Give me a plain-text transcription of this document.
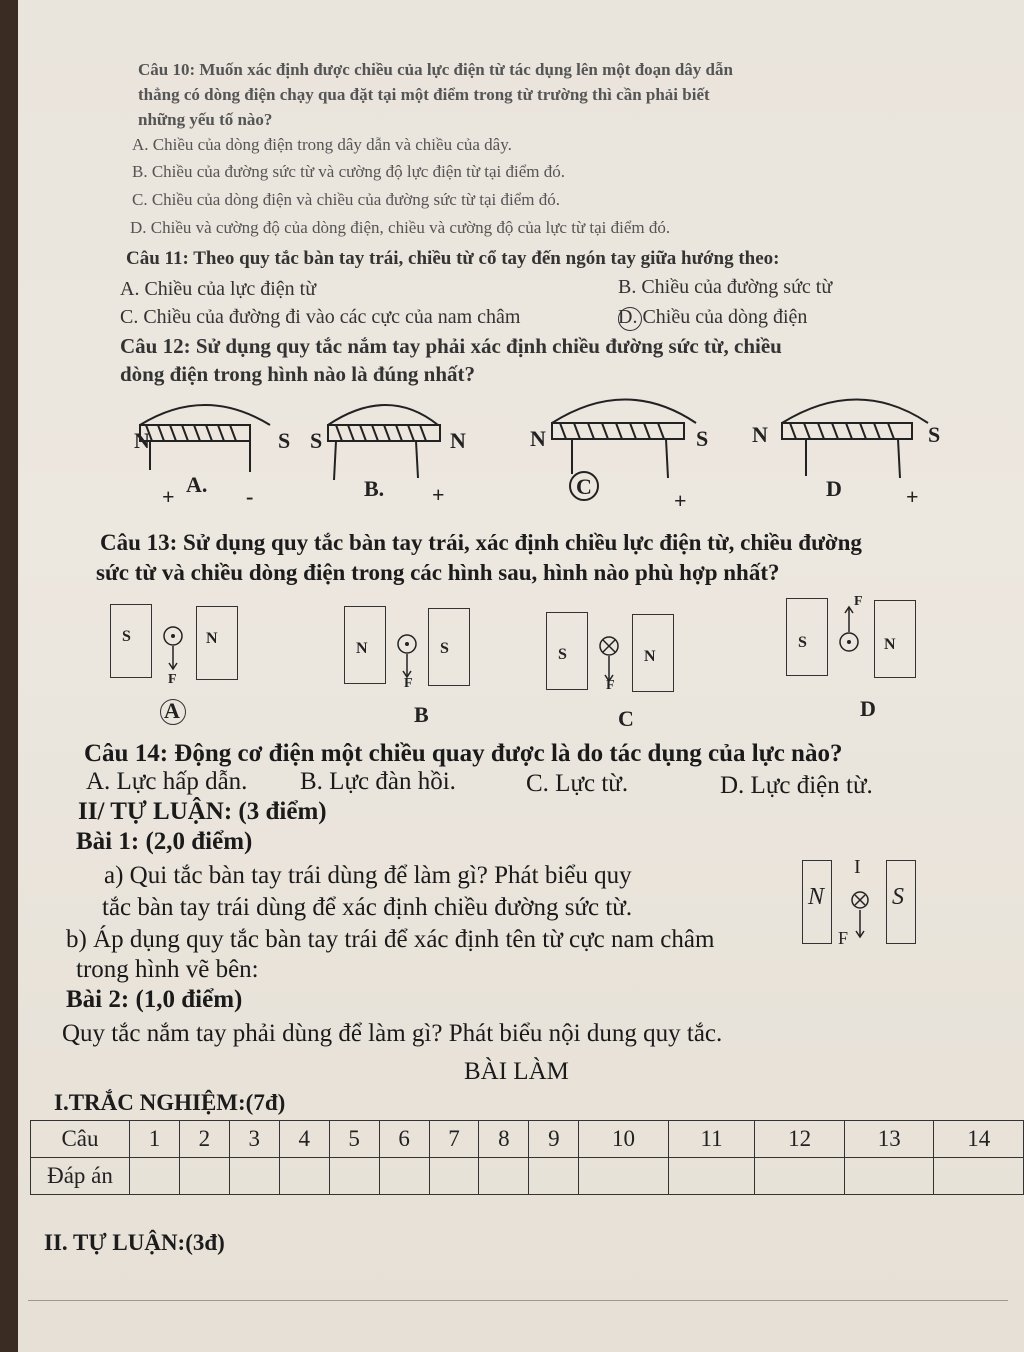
Câu 10: Muốn xác định được chiều của lực điện từ tác dụng lên một đoạn dây dẫn
thẳng có dòng điện chạy qua đặt tại một điểm trong từ trường thì cần phải biết
những yếu tố nào?
A. Chiều của dòng điện trong dây dẫn và chiều của dây.
B. Chiều của đường sức từ và cường độ lực điện từ tại điểm đó.
C. Chiều của dòng điện và chiều của đường sức từ tại điểm đó.
D. Chiều và cường độ của dòng điện, chiều và cường độ của lực từ tại điểm đó.
Câu 11: Theo quy tắc bàn tay trái, chiều từ cổ tay đến ngón tay giữa hướng theo:
A. Chiều của lực điện từ	B. Chiều của đường sức từ
C. Chiều của đường đi vào các cực của nam châm	D. Chiều của dòng điện
Câu 12: Sử dụng quy tắc nắm tay phải xác định chiều đường sức từ, chiều
dòng điện trong hình nào là đúng nhất?
N	S
A.
+	-
S	N
B. +
N	S
C
+
N	S
D	+
Câu 13: Sử dụng quy tắc bàn tay trái, xác định chiều lực điện từ, chiều đường
sức từ và chiều dòng điện trong các hình sau, hình nào phù hợp nhất?
S	N
F
A
N	S
F
B
S	N
F
C
S	N
F
D
Câu 14: Động cơ điện một chiều quay được là do tác dụng của lực nào?
A. Lực hấp dẫn. B. Lực đàn hồi.	C. Lực từ.	D. Lực điện từ.
II/ TỰ LUẬN: (3 điểm)
Bài 1: (2,0 điểm)
a) Qui tắc bàn tay trái dùng để làm gì? Phát biểu quy
tắc bàn tay trái dùng để xác định chiều đường sức từ.
b) Áp dụng quy tắc bàn tay trái để xác định tên từ cực nam châm
trong hình vẽ bên:
N	S
I
F
Bài 2: (1,0 điểm)
Quy tắc nắm tay phải dùng để làm gì? Phát biểu nội dung quy tắc.
BÀI LÀM
I.TRẮC NGHIỆM:(7đ)
Câu	1	2	3	4	5	6	7	8	9	10	11	12	13	14
Đáp án														
II. TỰ LUẬN:(3đ)
